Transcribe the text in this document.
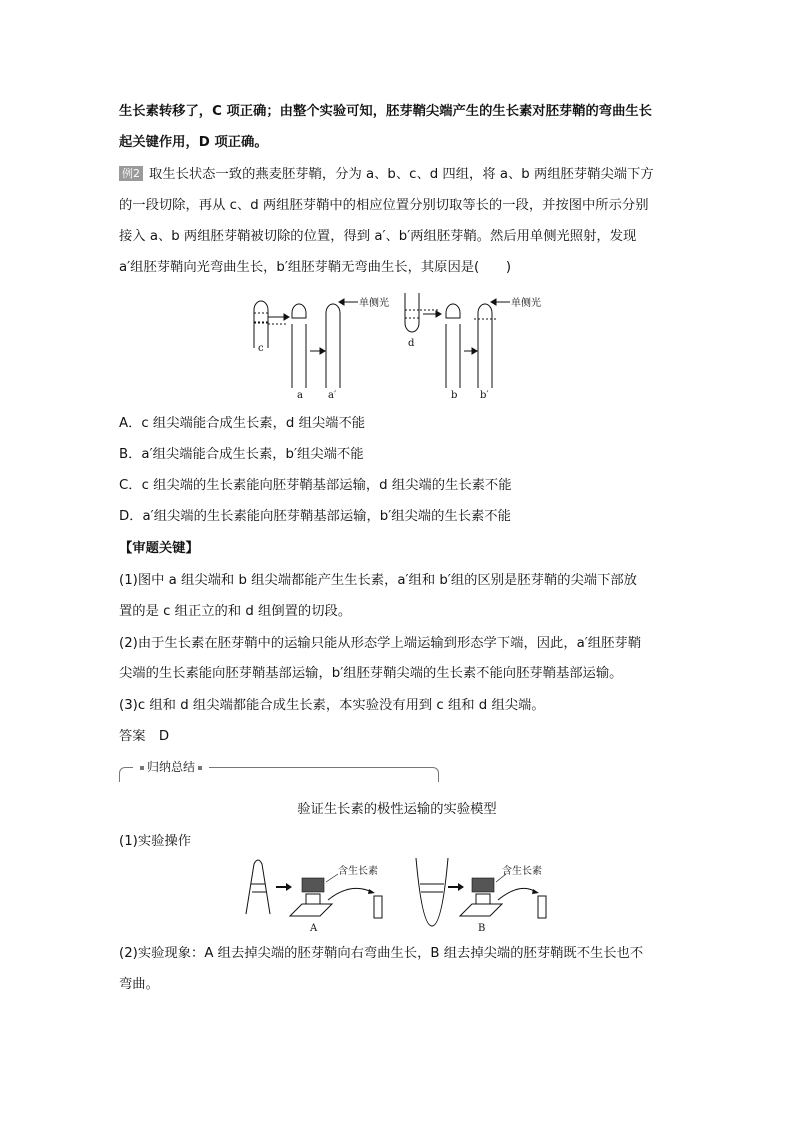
生长素转移了，C 项正确；由整个实验可知，胚芽鞘尖端产生的生长素对胚芽鞘的弯曲生长
起关键作用，D 项正确。
例2 取生长状态一致的燕麦胚芽鞘，分为 a、b、c、d 四组，将 a、b 两组胚芽鞘尖端下方
的一段切除，再从 c、d 两组胚芽鞘中的相应位置分别切取等长的一段，并按图中所示分别
接入 a、b 两组胚芽鞘被切除的位置，得到 a′、b′两组胚芽鞘。然后用单侧光照射，发现
a′组胚芽鞘向光弯曲生长，b′组胚芽鞘无弯曲生长，其原因是(　　)
单侧光	单侧光
c
a	a′
d
b b′
A．c 组尖端能合成生长素，d 组尖端不能
B．a′组尖端能合成生长素，b′组尖端不能
C．c 组尖端的生长素能向胚芽鞘基部运输，d 组尖端的生长素不能
D．a′组尖端的生长素能向胚芽鞘基部运输，b′组尖端的生长素不能
【审题关键】
(1)图中 a 组尖端和 b 组尖端都能产生生长素，a′组和 b′组的区别是胚芽鞘的尖端下部放
置的是 c 组正立的和 d 组倒置的切段。
(2)由于生长素在胚芽鞘中的运输只能从形态学上端运输到形态学下端，因此，a′组胚芽鞘
尖端的生长素能向胚芽鞘基部运输，b′组胚芽鞘尖端的生长素不能向胚芽鞘基部运输。
(3)c 组和 d 组尖端都能合成生长素，本实验没有用到 c 组和 d 组尖端。
答案　D
归纳总结
验证生长素的极性运输的实验模型
(1)实验操作
含生长素	含生长素
A	B
(2)实验现象：A 组去掉尖端的胚芽鞘向右弯曲生长，B 组去掉尖端的胚芽鞘既不生长也不
弯曲。
